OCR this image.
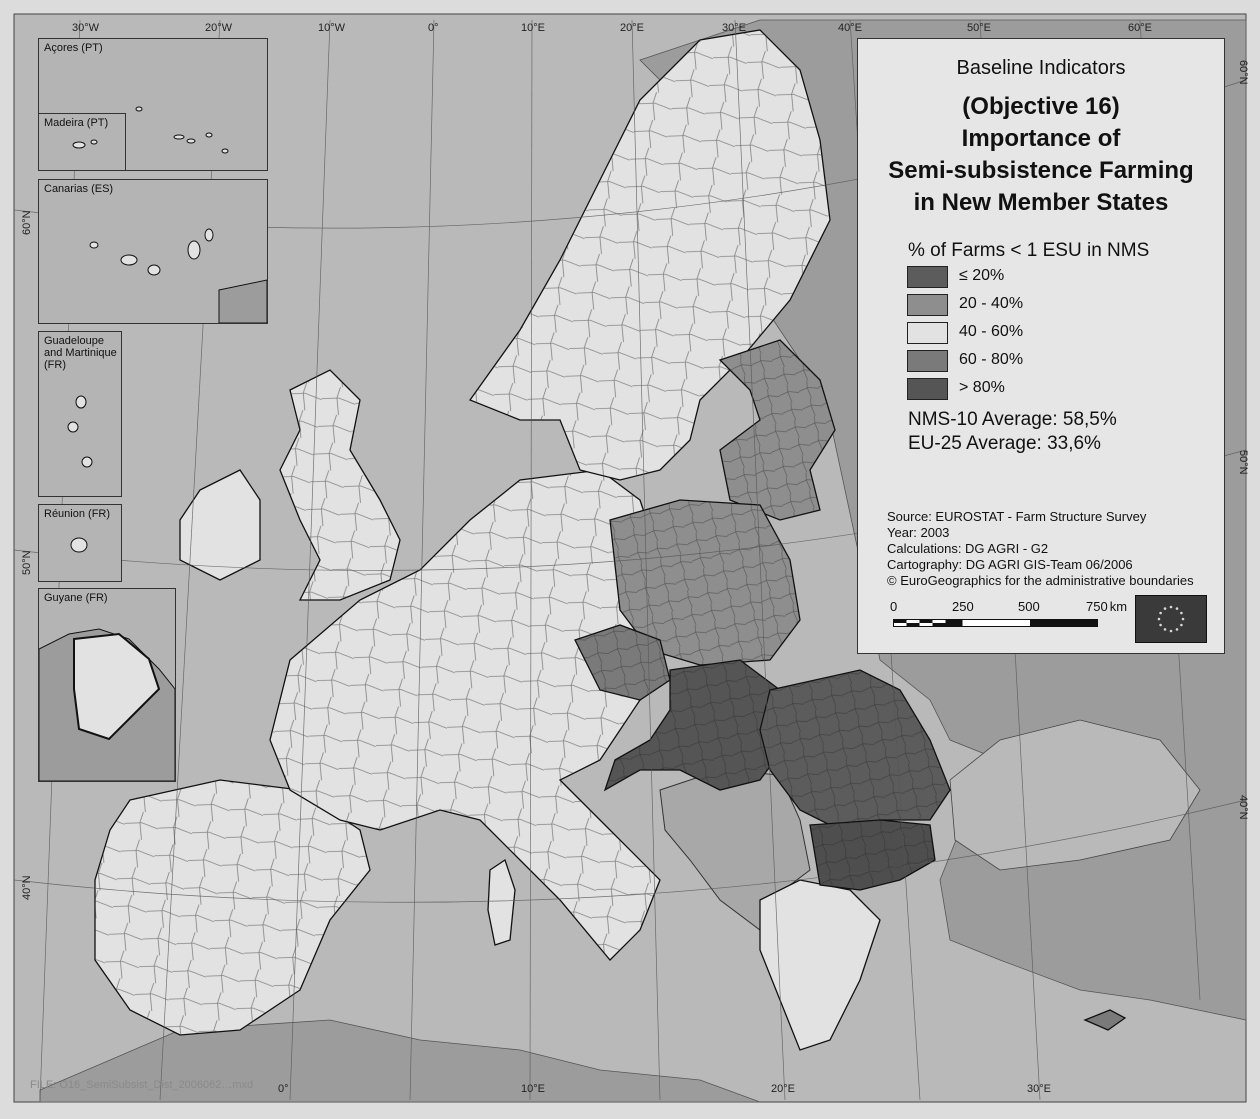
30°W	20°W	10°W	0°	10°E	20°E	30°E	40°E	50°E	60°E
0°	10°E	20°E	30°E
60°N
50°N
40°N
60°N
50°N
40°N
Açores (PT)
Madeira (PT)
Canarias (ES)
Guadeloupe and Martinique (FR)
Réunion (FR)
Guyane (FR)
Baseline Indicators
(Objective 16)
Importance of
Semi-subsistence Farming
in New Member States
% of Farms < 1 ESU in NMS
≤ 20%
20 - 40%
40 - 60%
60 - 80%
> 80%
NMS-10 Average: 58,5%
EU-25 Average: 33,6%
Source: EUROSTAT - Farm Structure Survey
Year: 2003
Calculations: DG AGRI - G2
Cartography: DG AGRI GIS-Team 06/2006
© EuroGeographics for the administrative boundaries
0	250	500	750 km
FILE: O16_SemiSubsist_Dist_2006062…mxd
